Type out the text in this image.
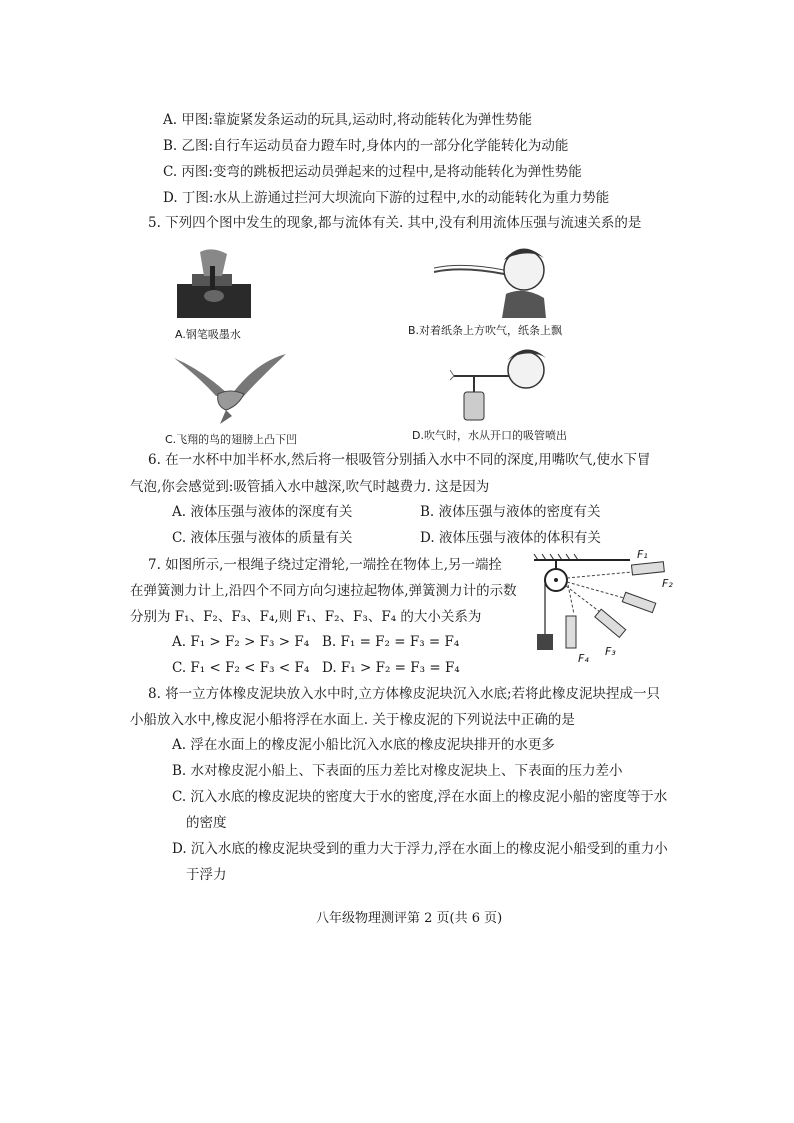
A. 甲图:靠旋紧发条运动的玩具,运动时,将动能转化为弹性势能
B. 乙图:自行车运动员奋力蹬车时,身体内的一部分化学能转化为动能
C. 丙图:变弯的跳板把运动员弹起来的过程中,是将动能转化为弹性势能
D. 丁图:水从上游通过拦河大坝流向下游的过程中,水的动能转化为重力势能
5. 下列四个图中发生的现象,都与流体有关. 其中,没有利用流体压强与流速关系的是
A.钢笔吸墨水	B.对着纸条上方吹气，纸条上飘
C.飞翔的鸟的翅膀上凸下凹	D.吹气时，水从开口的吸管喷出
6. 在一水杯中加半杯水,然后将一根吸管分别插入水中不同的深度,用嘴吹气,使水下冒
气泡,你会感觉到:吸管插入水中越深,吹气时越费力. 这是因为
A. 液体压强与液体的深度有关	B. 液体压强与液体的密度有关
C. 液体压强与液体的质量有关	D. 液体压强与液体的体积有关
7. 如图所示,一根绳子绕过定滑轮,一端拴在物体上,另一端拴
在弹簧测力计上,沿四个不同方向匀速拉起物体,弹簧测力计的示数
分别为 F₁、F₂、F₃、F₄,则 F₁、F₂、F₃、F₄ 的大小关系为
A. F₁ > F₂ > F₃ > F₄ B. F₁ = F₂ = F₃ = F₄
C. F₁ < F₂ < F₃ < F₄ D. F₁ > F₂ = F₃ = F₄
F₁
F₂
F₃
F₄
8. 将一立方体橡皮泥块放入水中时,立方体橡皮泥块沉入水底;若将此橡皮泥块捏成一只
小船放入水中,橡皮泥小船将浮在水面上. 关于橡皮泥的下列说法中正确的是
A. 浮在水面上的橡皮泥小船比沉入水底的橡皮泥块排开的水更多
B. 水对橡皮泥小船上、下表面的压力差比对橡皮泥块上、下表面的压力差小
C. 沉入水底的橡皮泥块的密度大于水的密度,浮在水面上的橡皮泥小船的密度等于水
的密度
D. 沉入水底的橡皮泥块受到的重力大于浮力,浮在水面上的橡皮泥小船受到的重力小
于浮力
八年级物理测评第 2 页(共 6 页)
